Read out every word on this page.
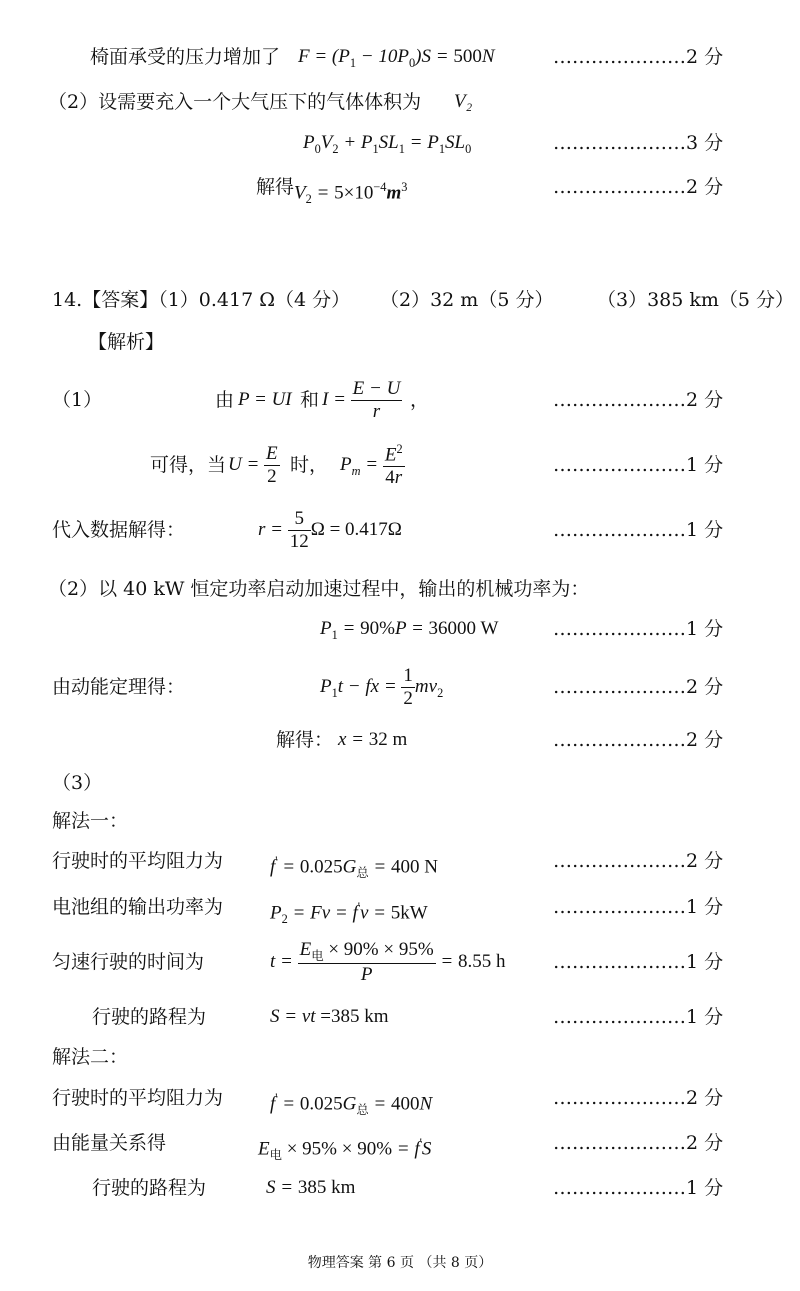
椅面承受的压力增加了 $F = (P_1 - 10P_0)S = 500N$	…………………2 分
（2）设需要充入一个大气压下的气体体积为 V₂
$P_0V_2 + P_1SL_1 = P_1SL_0$	…………………3 分
解得 $V_2 = 5\times 10^{-4}m^3$	…………………2 分
14.【答案】（1）0.417 Ω（4 分） （2）32 m（5 分） （3）385 km（5 分）
【解析】
（1）	由 P = UI 和 $I = \frac{E - U}{r}$ ，	…………………2 分
可得，当 $U = \frac{E}{2}$ 时， $P_m = \frac{E^2}{4r}$	…………………1 分
代入数据解得：	$r = \frac{5}{12}$ Ω = 0.417Ω	…………………1 分
（2）以 40 kW 恒定功率启动加速过程中，输出的机械功率为：
$P_1 = 90\%P = 36000$ W	…………………1 分
由动能定理得：	$P_1t$ − fx = $\frac{1}{2} mv_2$	…………………2 分
解得： x = 32 m	…………………2 分
（3）
解法一：
行驶时的平均阻力为 $f' = 0.025G_总 = 400$ N	…………………2 分
电池组的输出功率为 $P_2 = Fv = f'v = 5kW$	…………………1 分
匀速行驶的时间为	$t = \frac{E_电 \times 90\% \times 95\%}{P} = 8.55$ h	…………………1 分
行驶的路程为	S = vt =385 km	…………………1 分
解法二：
行驶时的平均阻力为 $f' = 0.025G_总 = 400N$	…………………2 分
由能量关系得	$E_电 \times 95\% \times 90\% = f'S$	…………………2 分
行驶的路程为	S = 385 km	…………………1 分
物理答案 第 6 页 （共 8 页）
